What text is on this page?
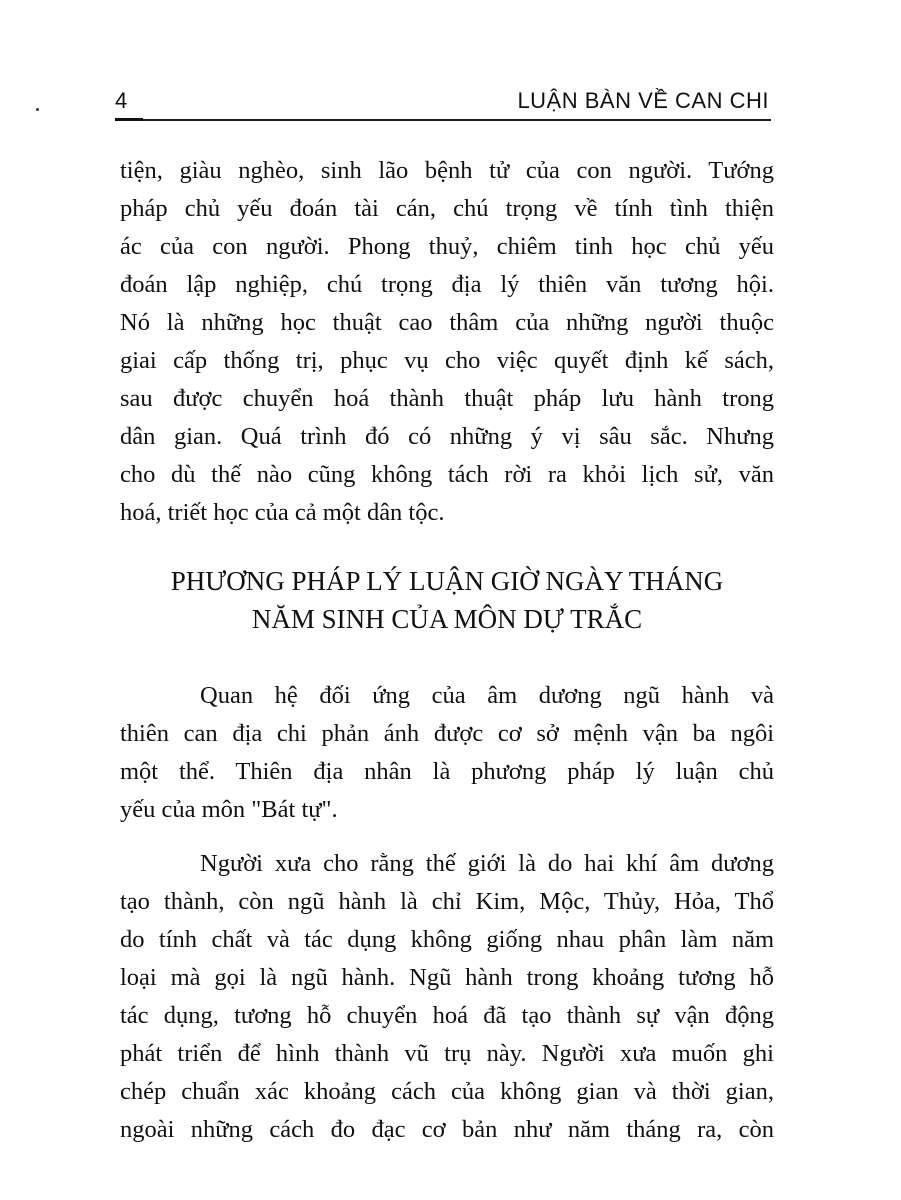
4	LUẬN BÀN VỀ CAN CHI
tiện, giàu nghèo, sinh lão bệnh tử của con người. Tướng
pháp chủ yếu đoán tài cán, chú trọng về tính tình thiện
ác của con người. Phong thuỷ, chiêm tinh học chủ yếu
đoán lập nghiệp, chú trọng địa lý thiên văn tương hội.
Nó là những học thuật cao thâm của những người thuộc
giai cấp thống trị, phục vụ cho việc quyết định kế sách,
sau được chuyển hoá thành thuật pháp lưu hành trong
dân gian. Quá trình đó có những ý vị sâu sắc. Nhưng
cho dù thế nào cũng không tách rời ra khỏi lịch sử, văn
hoá, triết học của cả một dân tộc.
PHƯƠNG PHÁP LÝ LUẬN GIỜ NGÀY THÁNG
NĂM SINH CỦA MÔN DỰ TRẮC
Quan hệ đối ứng của âm dương ngũ hành và
thiên can địa chi phản ánh được cơ sở mệnh vận ba ngôi
một thể. Thiên địa nhân là phương pháp lý luận chủ
yếu của môn "Bát tự".
Người xưa cho rằng thế giới là do hai khí âm dương
tạo thành, còn ngũ hành là chỉ Kim, Mộc, Thủy, Hỏa, Thổ
do tính chất và tác dụng không giống nhau phân làm năm
loại mà gọi là ngũ hành. Ngũ hành trong khoảng tương hỗ
tác dụng, tương hỗ chuyển hoá đã tạo thành sự vận động
phát triển để hình thành vũ trụ này. Người xưa muốn ghi
chép chuẩn xác khoảng cách của không gian và thời gian,
ngoài những cách đo đạc cơ bản như năm tháng ra, còn
